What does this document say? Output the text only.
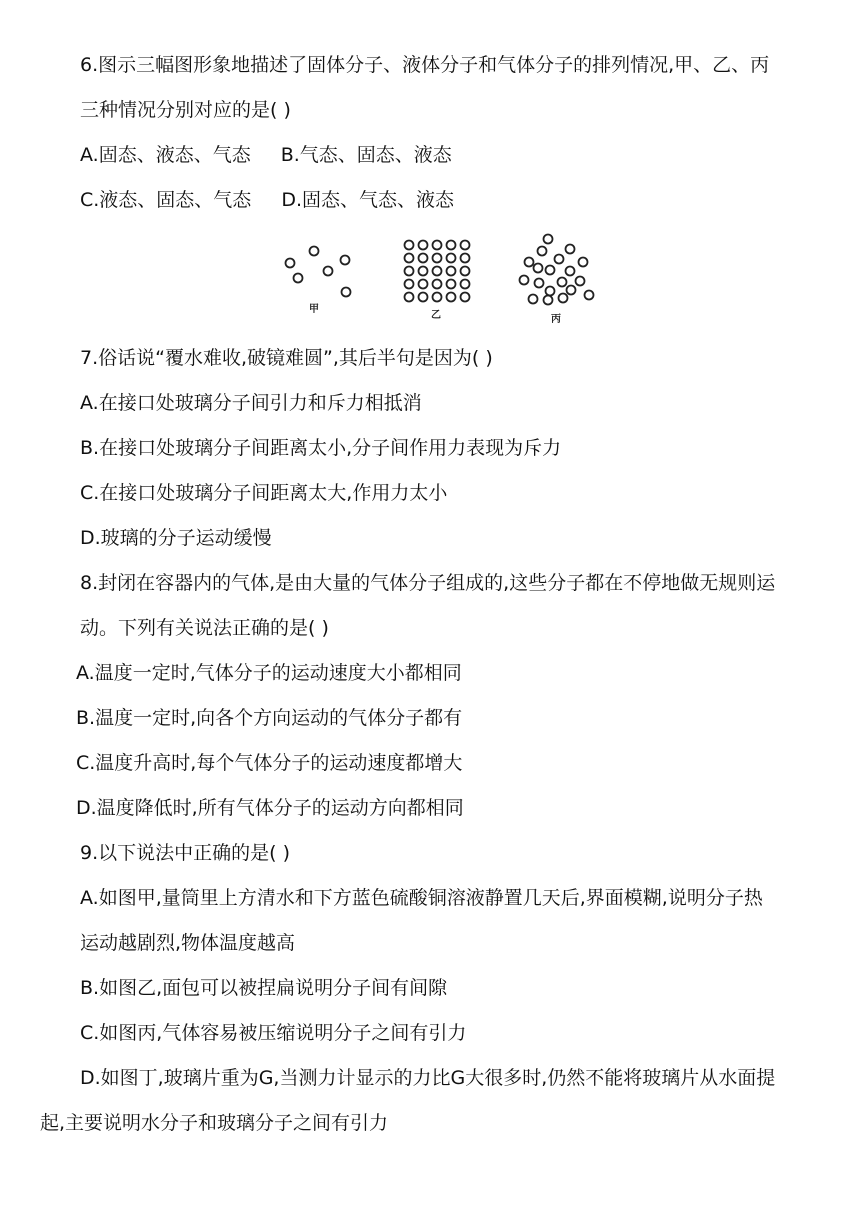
6.图示三幅图形象地描述了固体分子、液体分子和气体分子的排列情况,甲、乙、丙
三种情况分别对应的是( )
A.固态、液态、气态 B.气态、固态、液态
C.液态、固态、气态 D.固态、气态、液态
甲
乙	丙
7.俗话说“覆水难收,破镜难圆”,其后半句是因为( )
A.在接口处玻璃分子间引力和斥力相抵消
B.在接口处玻璃分子间距离太小,分子间作用力表现为斥力
C.在接口处玻璃分子间距离太大,作用力太小
D.玻璃的分子运动缓慢
8.封闭在容器内的气体,是由大量的气体分子组成的,这些分子都在不停地做无规则运
动。下列有关说法正确的是( )
A.温度一定时,气体分子的运动速度大小都相同
B.温度一定时,向各个方向运动的气体分子都有
C.温度升高时,每个气体分子的运动速度都增大
D.温度降低时,所有气体分子的运动方向都相同
9.以下说法中正确的是( )
A.如图甲,量筒里上方清水和下方蓝色硫酸铜溶液静置几天后,界面模糊,说明分子热
运动越剧烈,物体温度越高
B.如图乙,面包可以被捏扁说明分子间有间隙
C.如图丙,气体容易被压缩说明分子之间有引力
D.如图丁,玻璃片重为G,当测力计显示的力比G大很多时,仍然不能将玻璃片从水面提
起,主要说明水分子和玻璃分子之间有引力
